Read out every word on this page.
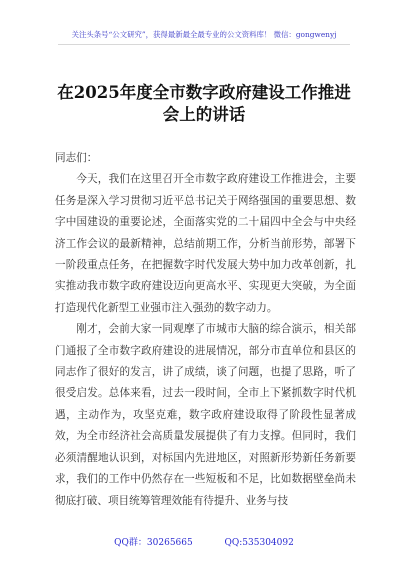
关注头条号“公文研究”，获得最新最全最专业的公文资料库！ 微信：gongwenyj
在2025年度全市数字政府建设工作推进会上的讲话

同志们：

今天，我们在这里召开全市数字政府建设工作推进会，主要任务是深入学习贯彻习近平总书记关于网络强国的重要思想、数字中国建设的重要论述，全面落实党的二十届四中全会与中央经济工作会议的最新精神，总结前期工作，分析当前形势，部署下一阶段重点任务，在把握数字时代发展大势中加力改革创新，扎实推动我市数字政府建设迈向更高水平、实现更大突破，为全面打造现代化新型工业强市注入强劲的数字动力。

刚才，会前大家一同观摩了市城市大脑的综合演示，相关部门通报了全市数字政府建设的进展情况，部分市直单位和县区的同志作了很好的发言，讲了成绩，谈了问题，也提了思路，听了很受启发。总体来看，过去一段时间，全市上下紧抓数字时代机遇，主动作为，攻坚克难，数字政府建设取得了阶段性显著成效，为全市经济社会高质量发展提供了有力支撑。但同时，我们必须清醒地认识到，对标国内先进地区，对照新形势新任务新要求，我们的工作中仍然存在一些短板和不足，比如数据壁垒尚未彻底打破、项目统筹管理效能有待提升、业务与技

QQ群：30265665	QQ:535304092
